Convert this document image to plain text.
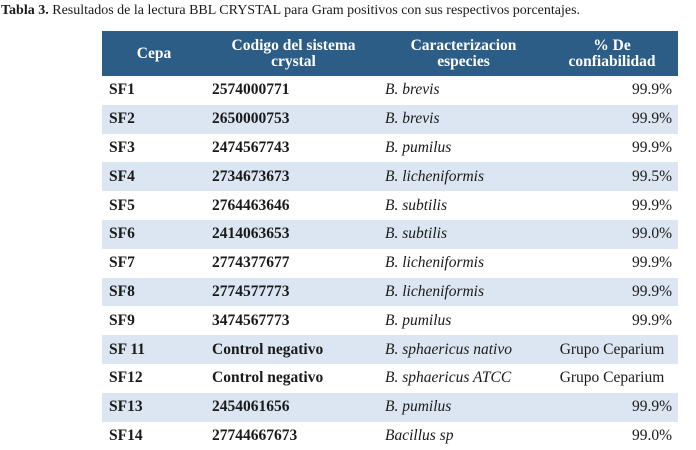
Tabla 3. Resultados de la lectura BBL CRYSTAL para Gram positivos con sus respectivos porcentajes.
Cepa	Codigo del sistema crystal	Caracterizacion especies	% De confiabilidad
SF1	2574000771	B. brevis	99.9%
SF2	2650000753	B. brevis	99.9%
SF3	2474567743	B. pumilus	99.9%
SF4	2734673673	B. licheniformis	99.5%
SF5	2764463646	B. subtilis	99.9%
SF6	2414063653	B. subtilis	99.0%
SF7	2774377677	B. licheniformis	99.9%
SF8	2774577773	B. licheniformis	99.9%
SF9	3474567773	B. pumilus	99.9%
SF 11	Control negativo	B. sphaericus nativo	Grupo Ceparium
SF12	Control negativo	B. sphaericus ATCC	Grupo Ceparium
SF13	2454061656	B. pumilus	99.9%
SF14	27744667673	Bacillus sp	99.0%
